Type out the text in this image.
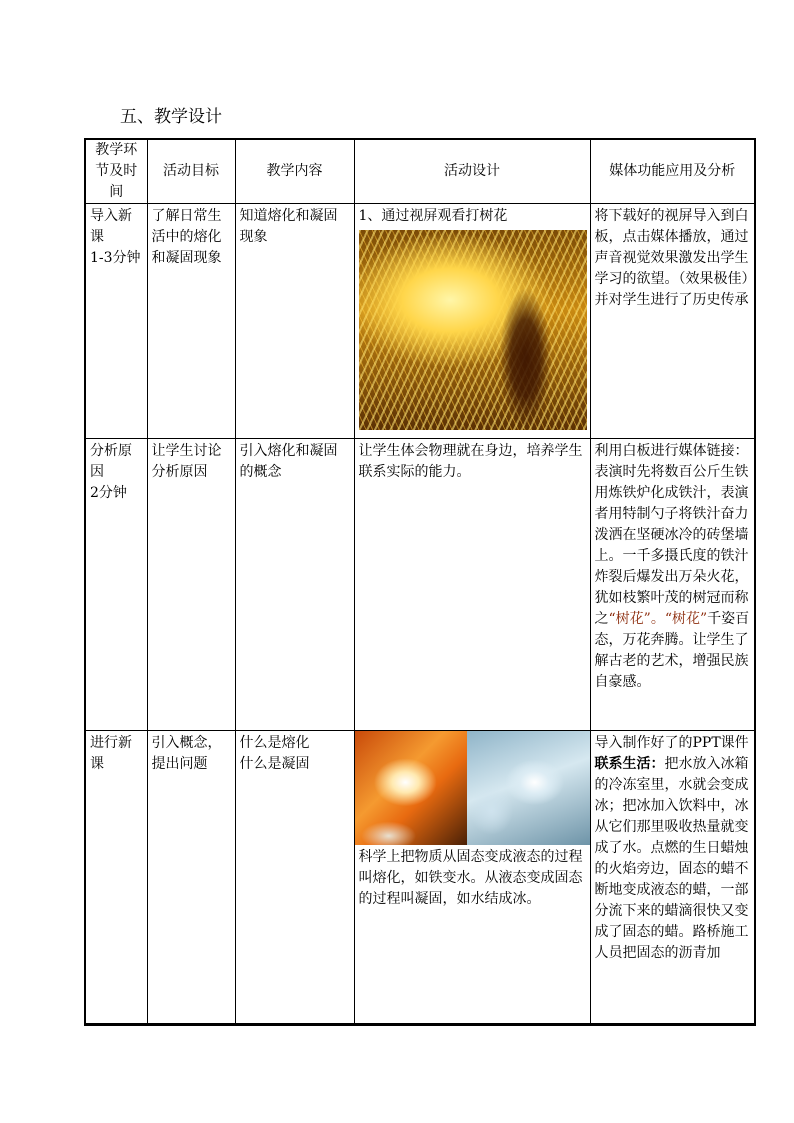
五、教学设计
教学环节及时间	活动目标	教学内容	活动设计	媒体功能应用及分析
导入新课
1-3分钟	了解日常生活中的熔化和凝固现象	知道熔化和凝固现象	1、通过视屏观看打树花	将下载好的视屏导入到白板，点击媒体播放，通过声音视觉效果激发出学生学习的欲望。（效果极佳）并对学生进行了历史传承
分析原因
2分钟	让学生讨论分析原因	引入熔化和凝固的概念	让学生体会物理就在身边，培养学生联系实际的能力。	利用白板进行媒体链接：表演时先将数百公斤生铁用炼铁炉化成铁汁，表演者用特制勺子将铁汁奋力泼洒在坚硬冰冷的砖堡墙上。一千多摄氏度的铁汁炸裂后爆发出万朵火花，犹如枝繁叶茂的树冠而称之“树花”。“树花”千姿百态，万花奔腾。让学生了解古老的艺术，增强民族自豪感。
进行新课	引入概念，提出问题	什么是熔化
什么是凝固	科学上把物质从固态变成液态的过程叫熔化，如铁变水。从液态变成固态的过程叫凝固，如水结成冰。	导入制作好了的PPT课件
联系生活：把水放入冰箱的冷冻室里，水就会变成冰；把冰加入饮料中，冰从它们那里吸收热量就变成了水。点燃的生日蜡烛的火焰旁边，固态的蜡不断地变成液态的蜡，一部分流下来的蜡滴很快又变成了固态的蜡。路桥施工人员把固态的沥青加
